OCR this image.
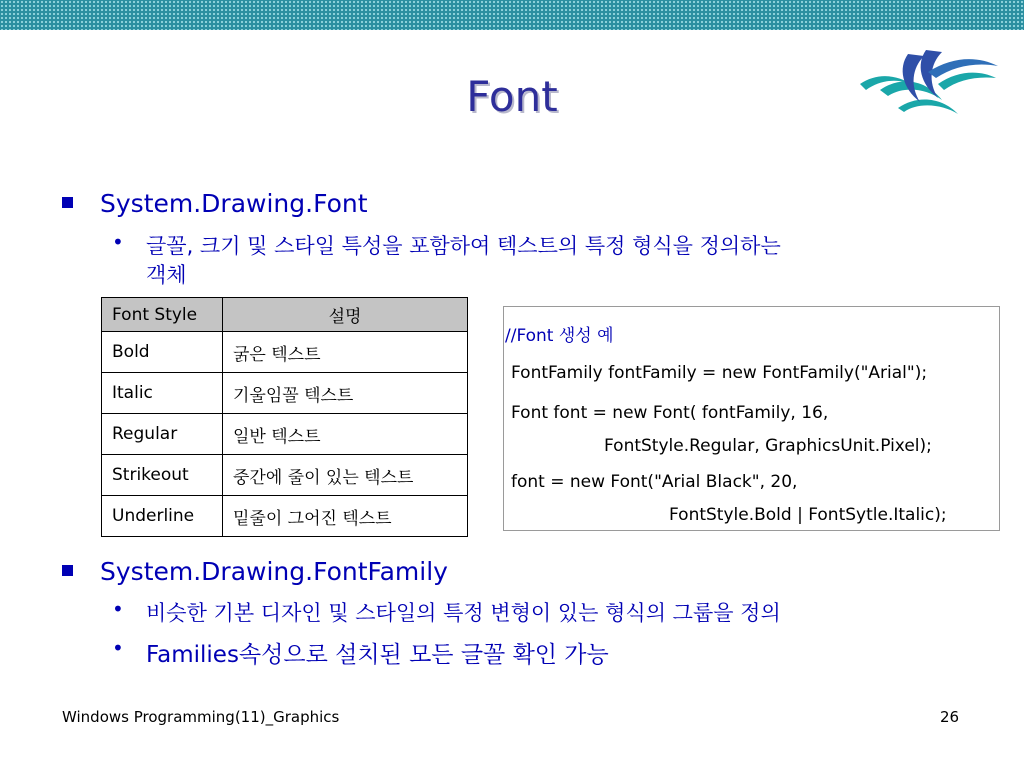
Font
System.Drawing.Font
• 글꼴, 크기 및 스타일 특성을 포함하여 텍스트의 특정 형식을 정의하는
객체
Font Style	설명
Bold	굵은 텍스트
Italic	기울임꼴 텍스트
Regular	일반 텍스트
Strikeout	중간에 줄이 있는 텍스트
Underline	밑줄이 그어진 텍스트
//Font 생성 예
FontFamily fontFamily = new FontFamily("Arial");
Font font = new Font( fontFamily, 16,
FontStyle.Regular, GraphicsUnit.Pixel);
font = new Font("Arial Black", 20,
FontStyle.Bold | FontSytle.Italic);
System.Drawing.FontFamily
• 비슷한 기본 디자인 및 스타일의 특정 변형이 있는 형식의 그룹을 정의
• Families속성으로 설치된 모든 글꼴 확인 가능
Windows Programming(11)_Graphics	26
